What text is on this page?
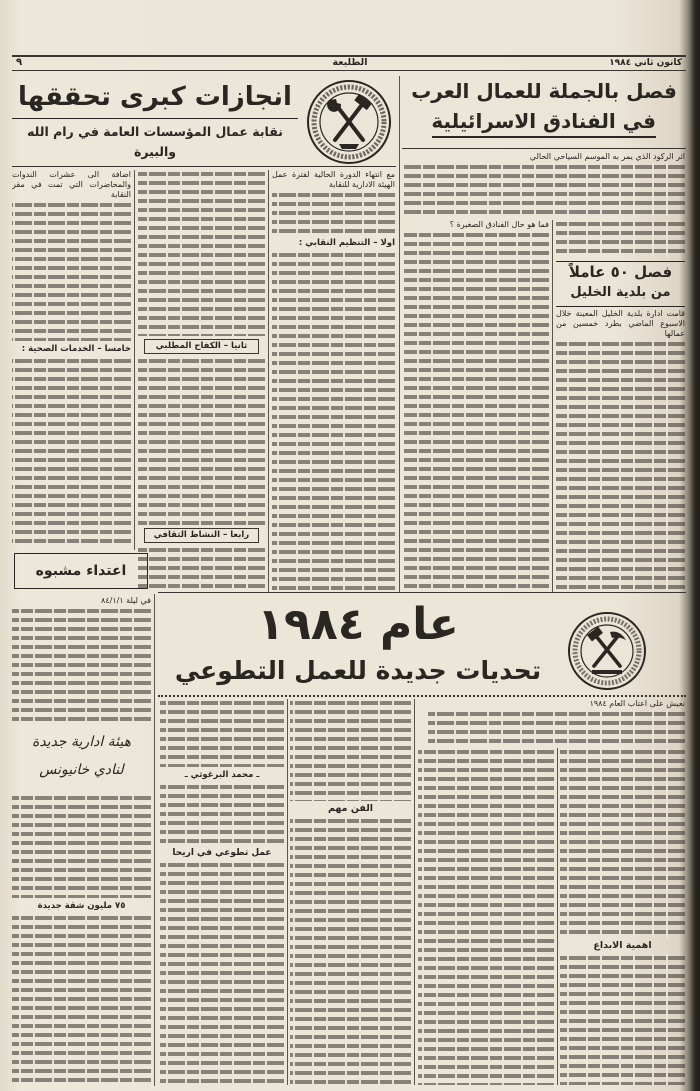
كانون ثاني ١٩٨٤
الطليعة
٩
فصل بالجملة للعمال العرب
في الفنادق الاسرائيلية

اثر الركود الذي يمر به الموسم السياحي الحالي

فما هو حال الفنادق الصغيرة ؟

فصل ٥٠ عاملاً
من بلدية الخليل

قامت ادارة بلدية الخليل المعينة خلال الاسبوع الماضي بطرد خمسين من عمالها

انجازات كبرى تحققها
نقابة عمال المؤسسات العامة في رام الله والبيرة

مع انتهاء الدورة الحالية لفترة عمل الهيئة الادارية للنقابة

اولا – التنظيم النقابي :
ثانيا – الكفاح المطلبي
رابعا – النشاط الثقافي

اضافة الى عشرات الندوات والمحاضرات التي تمت في مقر النقابة

خامسا – الخدمات الصحية :
اعتداء مشبوه

في ليلة ٨٤/١/١

هيئة ادارية جديدة
لنادي خانيونس
٧٥ مليون شقة جديدة
عام ١٩٨٤
تحديات جديدة للعمل التطوعي

نعيش على اعتاب العام ١٩٨٤

اهمية الابداع
الفن مهم
ـ محمد البرغوثي ـ
عمل تطوعي في اريحا
